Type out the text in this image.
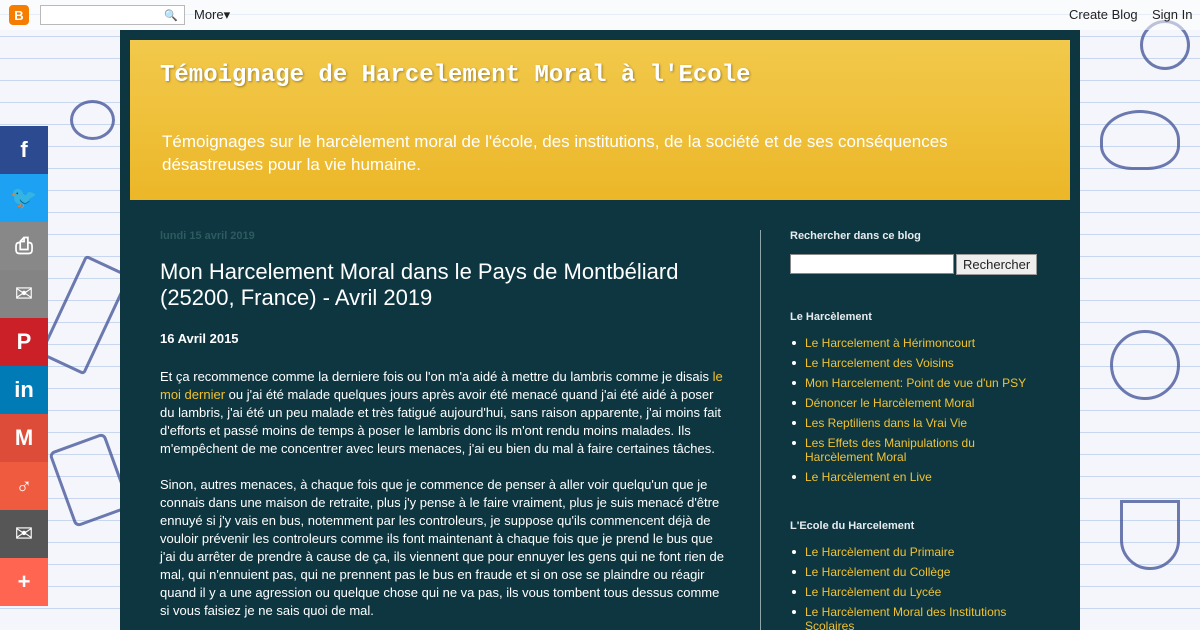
B	🔍 More▾	Create Blog Sign In
f
🐦
⎙
✉
P
in
M
♂
✉
+
Témoignage de Harcelement Moral à l'Ecole
Témoignages sur le harcèlement moral de l'école, des institutions, de la société et de ses conséquences désastreuses pour la vie humaine.
lundi 15 avril 2019
Mon Harcelement Moral dans le Pays de Montbéliard (25200, France) - Avril 2019

16 Avril 2015

Et ça recommence comme la derniere fois ou l'on m'a aidé à mettre du lambris comme je disais le moi dernier ou j'ai été malade quelques jours après avoir été menacé quand j'ai été aidé à poser du lambris, j'ai été un peu malade et très fatigué aujourd'hui, sans raison apparente, j'ai moins fait d'efforts et passé moins de temps à poser le lambris donc ils m'ont rendu moins malades. Ils m'empêchent de me concentrer avec leurs menaces, j'ai eu bien du mal à faire certaines tâches.

Sinon, autres menaces, à chaque fois que je commence de penser à aller voir quelqu'un que je connais dans une maison de retraite, plus j'y pense à le faire vraiment, plus je suis menacé d'être ennuyé si j'y vais en bus, notemment par les controleurs, je suppose qu'ils commencent déjà de vouloir prévenir les controleurs comme ils font maintenant à chaque fois que je prend le bus que j'ai du arrêter de prendre à cause de ça, ils viennent que pour ennuyer les gens qui ne font rien de mal, qui n'ennuient pas, qui ne prennent pas le bus en fraude et si on ose se plaindre ou réagir quand il y a une agression ou quelque chose qui ne va pas, ils vous tombent tous dessus comme si vous faisiez je ne sais quoi de mal.

Rechercher dans ce blog
Rechercher
Le Harcèlement
Le Harcelement à Hérimoncourt
Le Harcelement des Voisins
Mon Harcelement: Point de vue d'un PSY
Dénoncer le Harcèlement Moral
Les Reptiliens dans la Vrai Vie
Les Effets des Manipulations du Harcèlement Moral
Le Harcèlement en Live
L'Ecole du Harcelement
Le Harcèlement du Primaire
Le Harcèlement du Collège
Le Harcèlement du Lycée
Le Harcèlement Moral des Institutions Scolaires
